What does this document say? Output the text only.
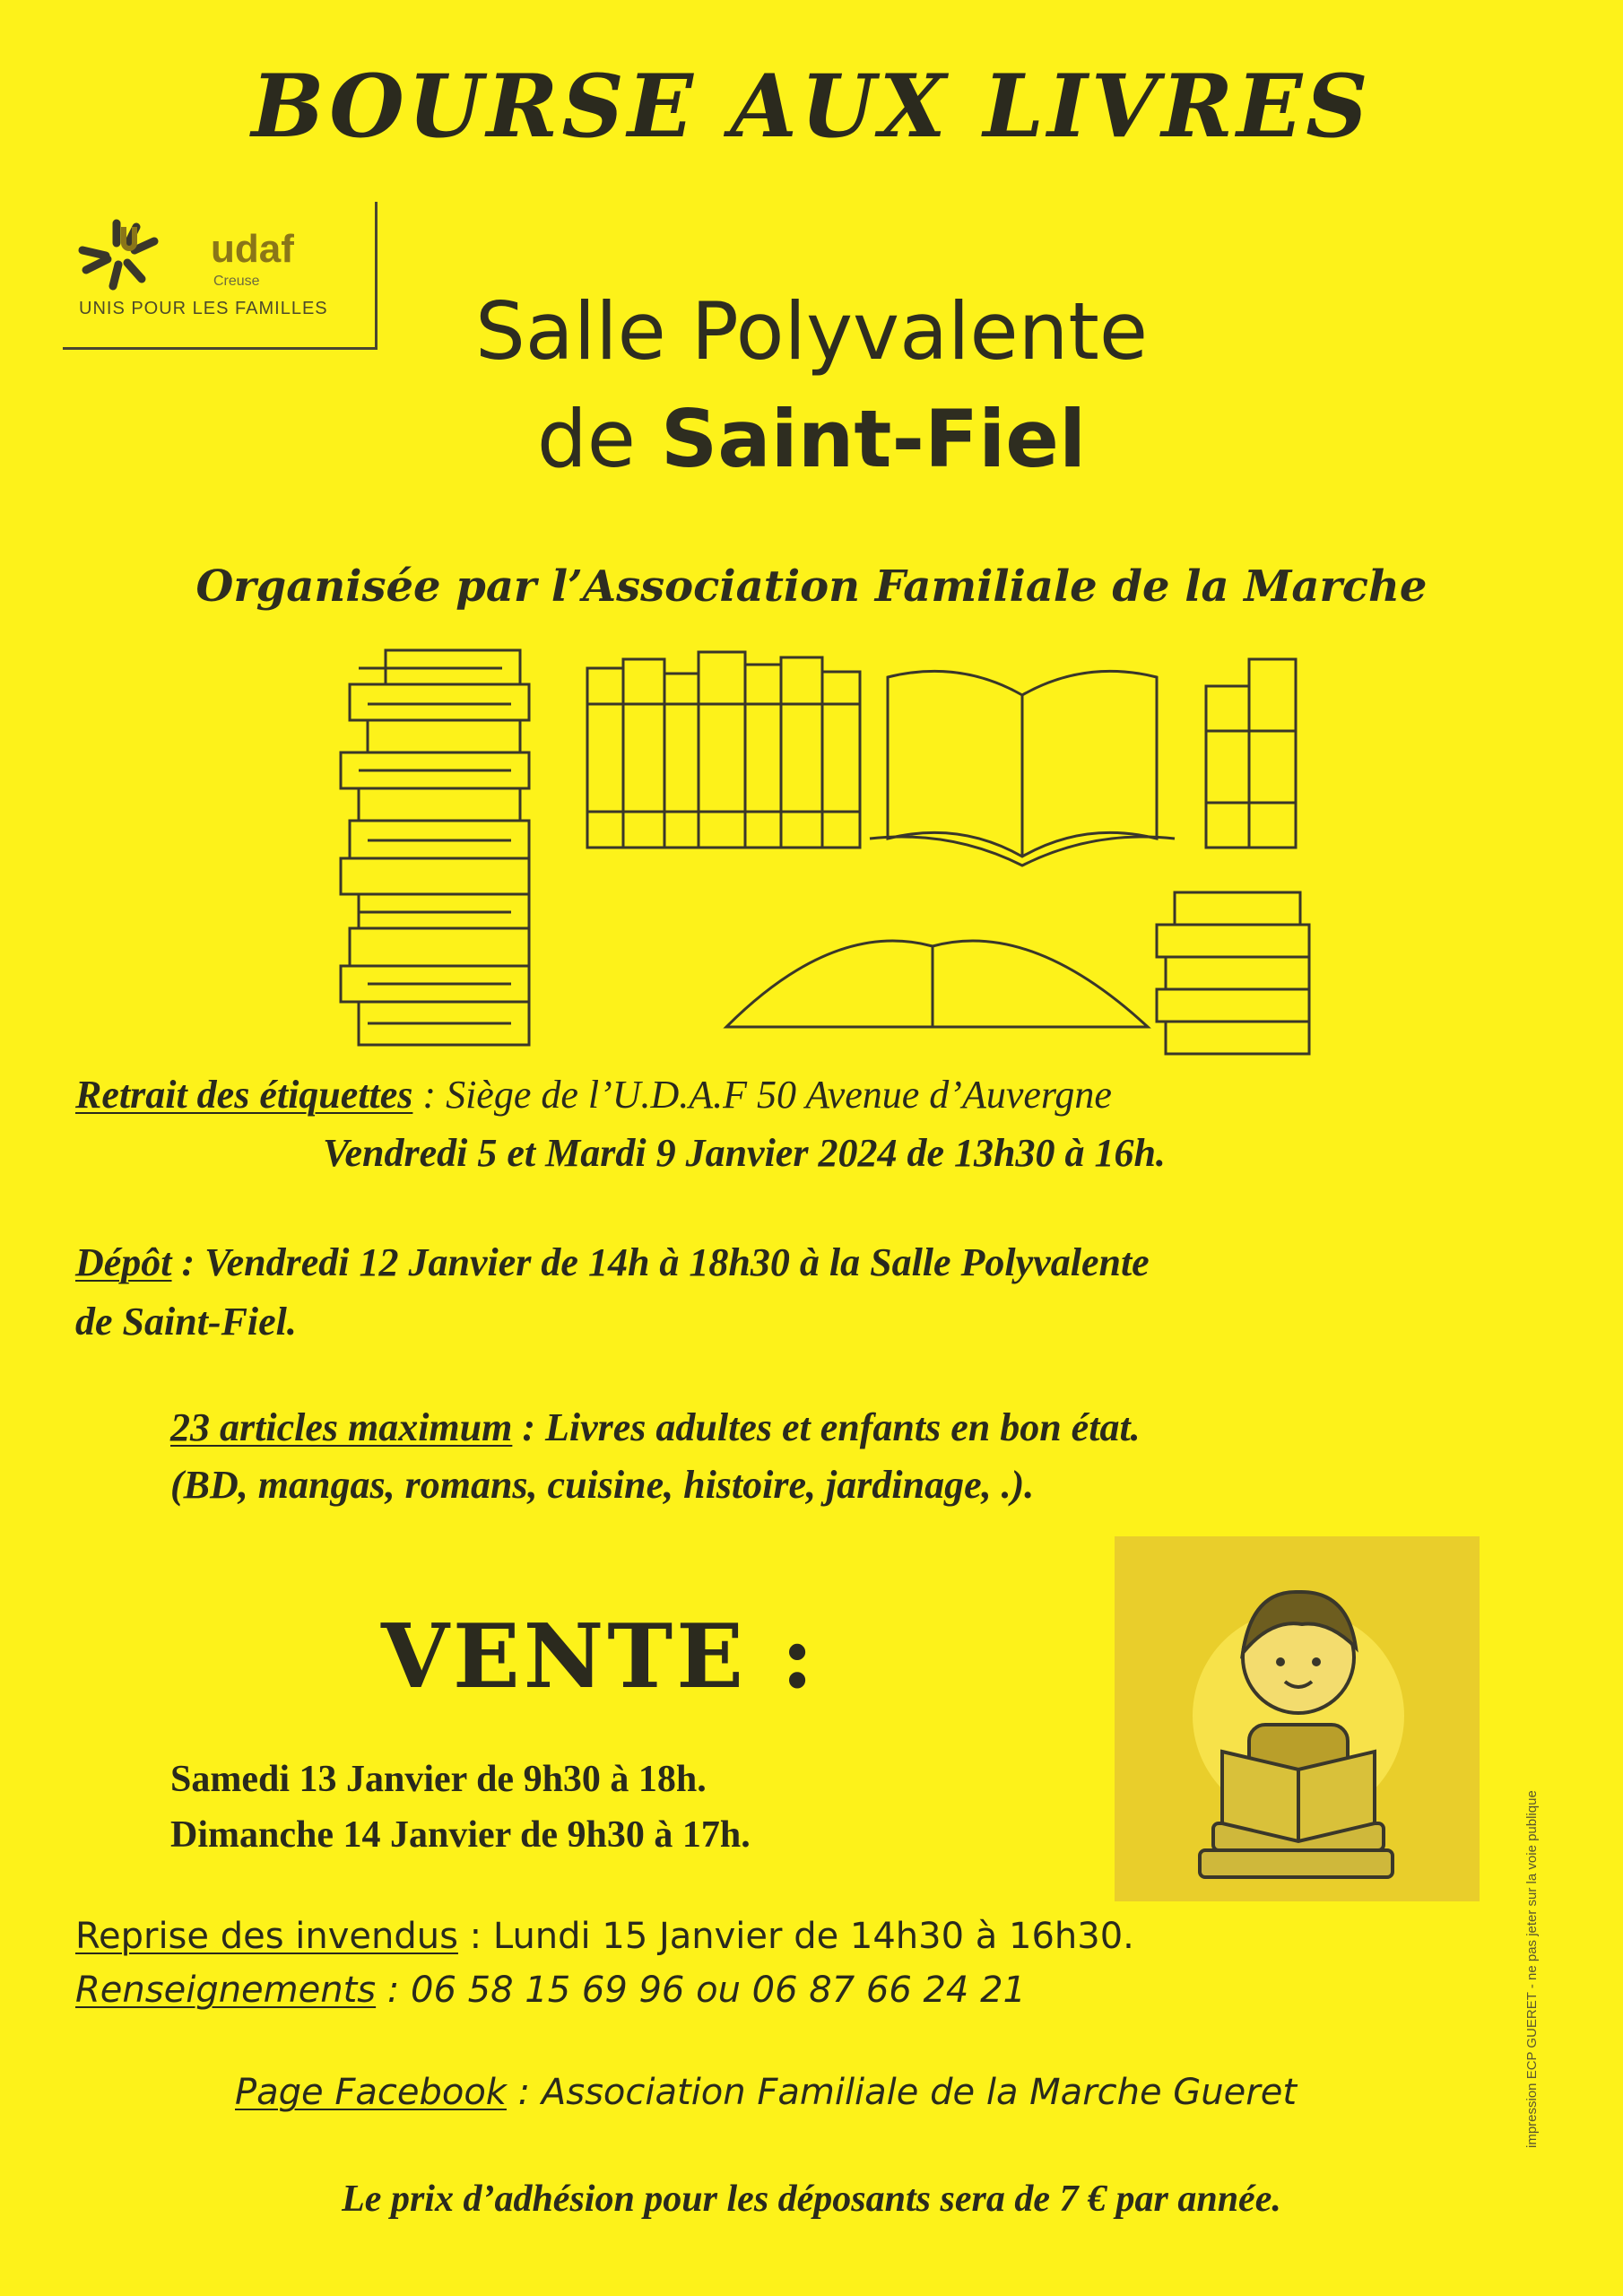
BOURSE AUX LIVRES
udaf
Creuse
UNIS POUR LES FAMILLES	Salle Polyvalente
de Saint-Fiel
Organisée par l’Association Familiale de la Marche
Retrait des étiquettes : Siège de l’U.D.A.F 50 Avenue d’Auvergne
Vendredi 5 et Mardi 9 Janvier 2024 de 13h30 à 16h.
Dépôt : Vendredi 12 Janvier de 14h à 18h30 à la Salle Polyvalente
de Saint-Fiel.
23 articles maximum : Livres adultes et enfants en bon état.
(BD, mangas, romans, cuisine, histoire, jardinage, .).
VENTE :
Samedi 13 Janvier de 9h30 à 18h.
Dimanche 14 Janvier de 9h30 à 17h.
Reprise des invendus : Lundi 15 Janvier de 14h30 à 16h30.
Renseignements : 06 58 15 69 96 ou 06 87 66 24 21
Page Facebook : Association Familiale de la Marche Gueret
Le prix d’adhésion pour les déposants sera de 7 € par année.
impression ECP GUERET - ne pas jeter sur la voie publique
